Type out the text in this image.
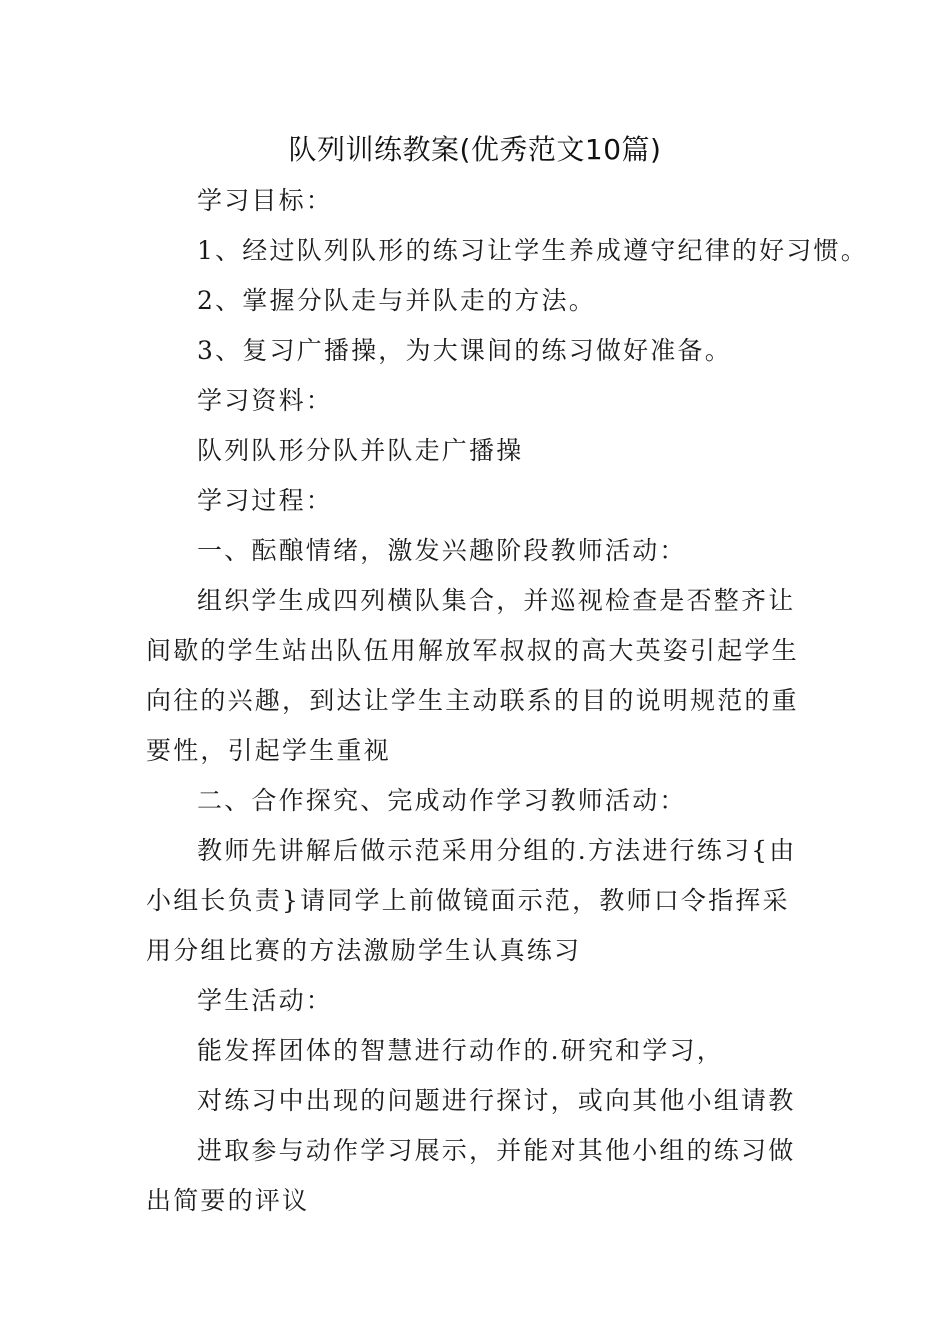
队列训练教案(优秀范文10篇)

学习目标：

1、经过队列队形的练习让学生养成遵守纪律的好习惯。

2、掌握分队走与并队走的方法。

3、复习广播操，为大课间的练习做好准备。

学习资料：

队列队形分队并队走广播操

学习过程：

一、酝酿情绪，激发兴趣阶段教师活动：

组织学生成四列横队集合，并巡视检查是否整齐让间歇的学生站出队伍用解放军叔叔的高大英姿引起学生向往的兴趣，到达让学生主动联系的目的说明规范的重要性，引起学生重视

二、合作探究、完成动作学习教师活动：

教师先讲解后做示范采用分组的.方法进行练习{由小组长负责}请同学上前做镜面示范，教师口令指挥采用分组比赛的方法激励学生认真练习

学生活动：

能发挥团体的智慧进行动作的.研究和学习，

对练习中出现的问题进行探讨，或向其他小组请教

进取参与动作学习展示，并能对其他小组的练习做出简要的评议
